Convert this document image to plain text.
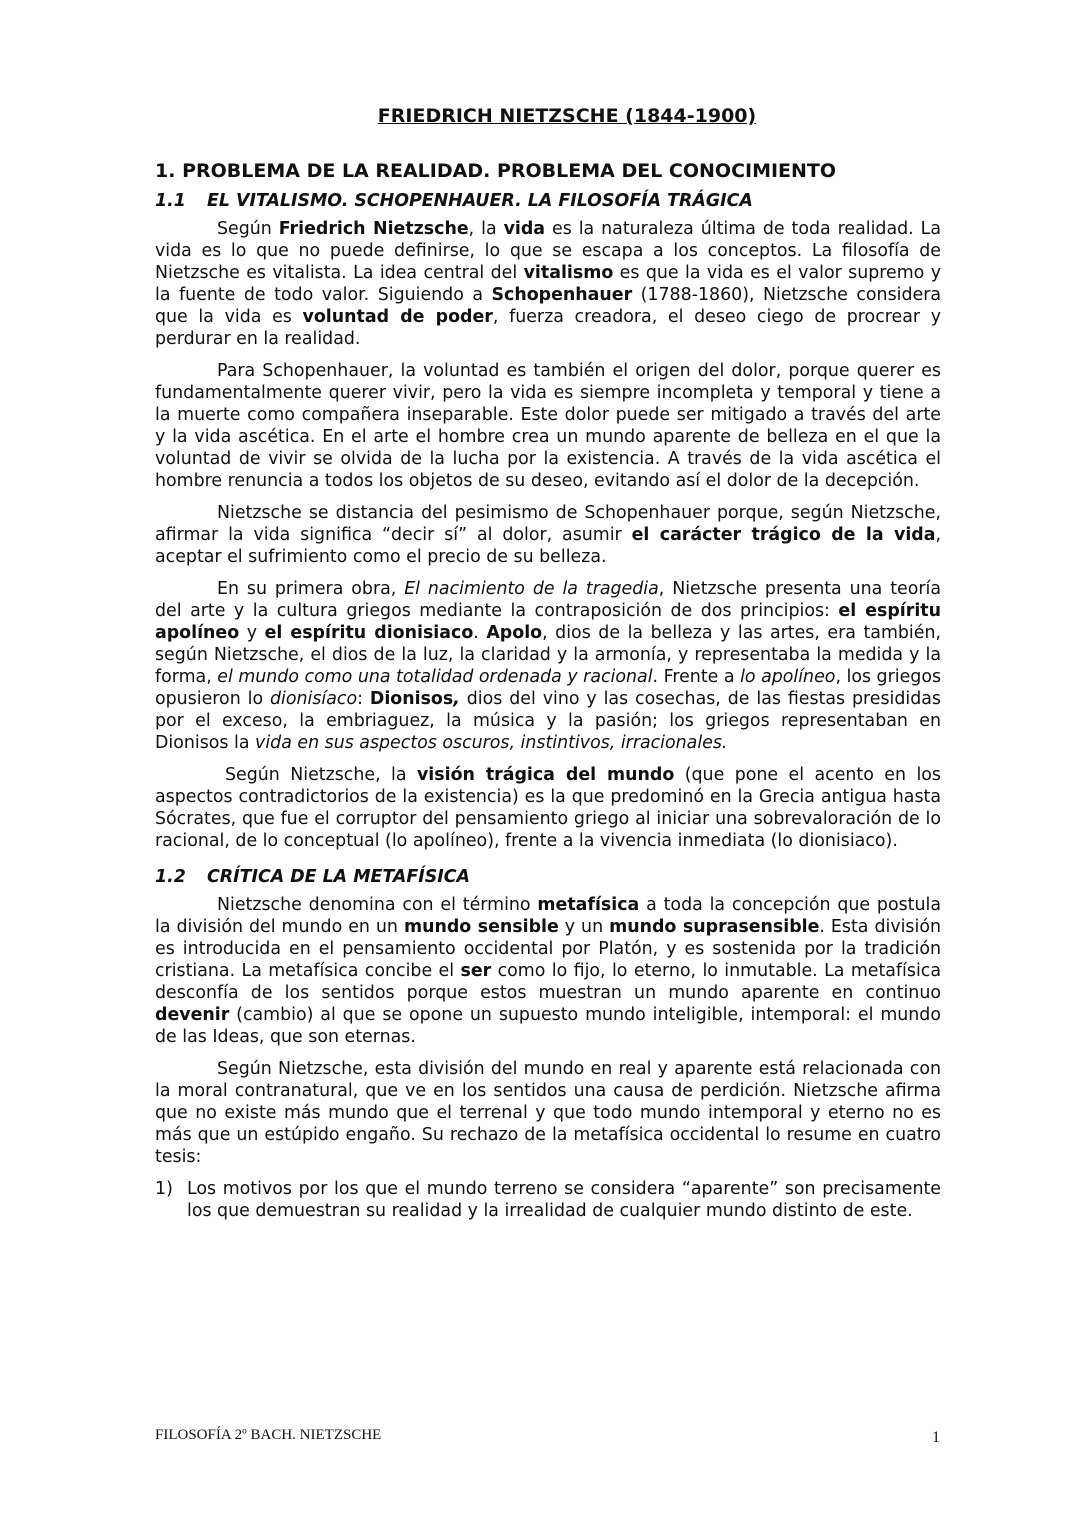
FRIEDRICH NIETZSCHE (1844-1900)
1. PROBLEMA DE LA REALIDAD. PROBLEMA DEL CONOCIMIENTO
1.1 EL VITALISMO. SCHOPENHAUER. LA FILOSOFÍA TRÁGICA

Según Friedrich Nietzsche, la vida es la naturaleza última de toda realidad. La vida es lo que no puede definirse, lo que se escapa a los conceptos. La filosofía de Nietzsche es vitalista. La idea central del vitalismo es que la vida es el valor supremo y la fuente de todo valor. Siguiendo a Schopenhauer (1788-1860), Nietzsche considera que la vida es voluntad de poder, fuerza creadora, el deseo ciego de procrear y perdurar en la realidad.

Para Schopenhauer, la voluntad es también el origen del dolor, porque querer es fundamentalmente querer vivir, pero la vida es siempre incompleta y temporal y tiene a la muerte como compañera inseparable. Este dolor puede ser mitigado a través del arte y la vida ascética. En el arte el hombre crea un mundo aparente de belleza en el que la voluntad de vivir se olvida de la lucha por la existencia. A través de la vida ascética el hombre renuncia a todos los objetos de su deseo, evitando así el dolor de la decepción.

Nietzsche se distancia del pesimismo de Schopenhauer porque, según Nietzsche, afirmar la vida significa “decir sí” al dolor, asumir el carácter trágico de la vida, aceptar el sufrimiento como el precio de su belleza.

En su primera obra, El nacimiento de la tragedia, Nietzsche presenta una teoría del arte y la cultura griegos mediante la contraposición de dos principios: el espíritu apolíneo y el espíritu dionisiaco. Apolo, dios de la belleza y las artes, era también, según Nietzsche, el dios de la luz, la claridad y la armonía, y representaba la medida y la forma, el mundo como una totalidad ordenada y racional. Frente a lo apolíneo, los griegos opusieron lo dionisíaco: Dionisos, dios del vino y las cosechas, de las fiestas presididas por el exceso, la embriaguez, la música y la pasión; los griegos representaban en Dionisos la vida en sus aspectos oscuros, instintivos, irracionales.

Según Nietzsche, la visión trágica del mundo (que pone el acento en los aspectos contradictorios de la existencia) es la que predominó en la Grecia antigua hasta Sócrates, que fue el corruptor del pensamiento griego al iniciar una sobrevaloración de lo racional, de lo conceptual (lo apolíneo), frente a la vivencia inmediata (lo dionisiaco).

1.2 CRÍTICA DE LA METAFÍSICA

Nietzsche denomina con el término metafísica a toda la concepción que postula la división del mundo en un mundo sensible y un mundo suprasensible. Esta división es introducida en el pensamiento occidental por Platón, y es sostenida por la tradición cristiana. La metafísica concibe el ser como lo fijo, lo eterno, lo inmutable. La metafísica desconfía de los sentidos porque estos muestran un mundo aparente en continuo devenir (cambio) al que se opone un supuesto mundo inteligible, intemporal: el mundo de las Ideas, que son eternas.

Según Nietzsche, esta división del mundo en real y aparente está relacionada con la moral contranatural, que ve en los sentidos una causa de perdición. Nietzsche afirma que no existe más mundo que el terrenal y que todo mundo intemporal y eterno no es más que un estúpido engaño. Su rechazo de la metafísica occidental lo resume en cuatro tesis:

1) Los motivos por los que el mundo terreno se considera “aparente” son precisamente los que demuestran su realidad y la irrealidad de cualquier mundo distinto de este.
FILOSOFÍA 2º BACH. NIETZSCHE	1
